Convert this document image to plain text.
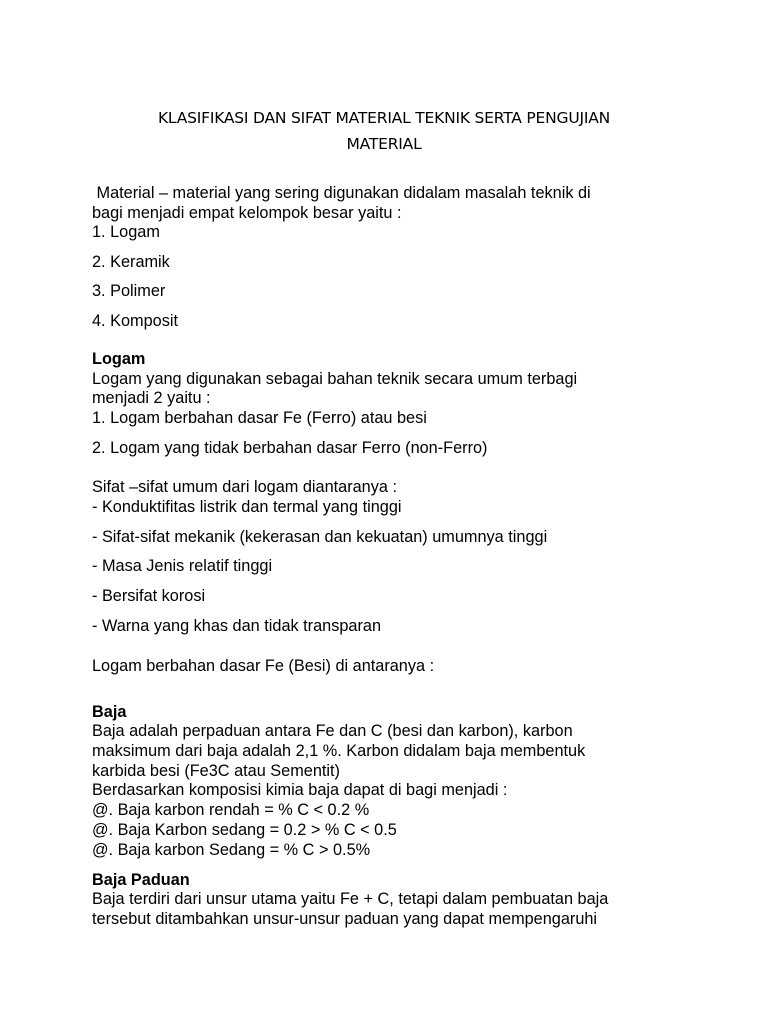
KLASIFIKASI DAN SIFAT MATERIAL TEKNIK SERTA PENGUJIAN
MATERIAL
Material – material yang sering digunakan didalam masalah teknik di
bagi menjadi empat kelompok besar yaitu :
1. Logam
2. Keramik
3. Polimer
4. Komposit
Logam
Logam yang digunakan sebagai bahan teknik secara umum terbagi
menjadi 2 yaitu :
1. Logam berbahan dasar Fe (Ferro) atau besi
2. Logam yang tidak berbahan dasar Ferro (non-Ferro)
Sifat –sifat umum dari logam diantaranya :
- Konduktifitas listrik dan termal yang tinggi
- Sifat-sifat mekanik (kekerasan dan kekuatan) umumnya tinggi
- Masa Jenis relatif tinggi
- Bersifat korosi
- Warna yang khas dan tidak transparan
Logam berbahan dasar Fe (Besi) di antaranya :
Baja
Baja adalah perpaduan antara Fe dan C (besi dan karbon), karbon
maksimum dari baja adalah 2,1 %. Karbon didalam baja membentuk
karbida besi (Fe3C atau Sementit)
Berdasarkan komposisi kimia baja dapat di bagi menjadi :
@. Baja karbon rendah = % C < 0.2 %
@. Baja Karbon sedang = 0.2 > % C < 0.5
@. Baja karbon Sedang = % C > 0.5%
Baja Paduan
Baja terdiri dari unsur utama yaitu Fe + C, tetapi dalam pembuatan baja
tersebut ditambahkan unsur-unsur paduan yang dapat mempengaruhi
